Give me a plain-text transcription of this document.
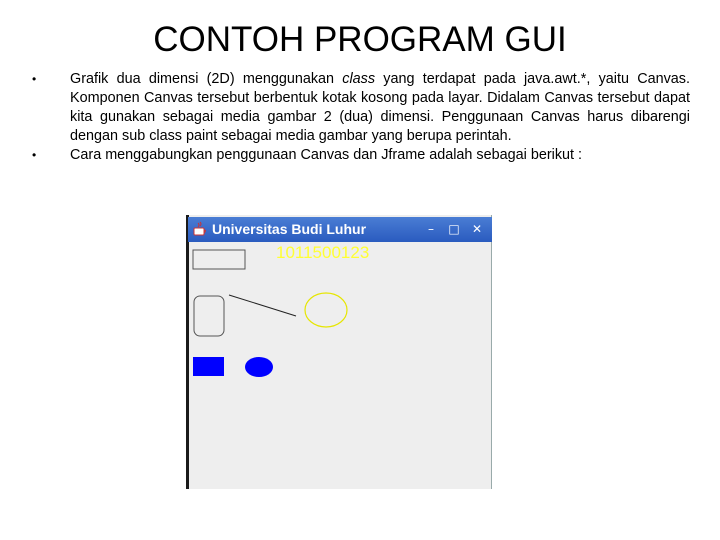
CONTOH PROGRAM GUI
• Grafik dua dimensi (2D) menggunakan class yang terdapat pada java.awt.*, yaitu Canvas. Komponen Canvas tersebut berbentuk kotak kosong pada layar. Didalam Canvas tersebut dapat kita gunakan sebagai media gambar 2 (dua) dimensi. Penggunaan Canvas harus dibarengi dengan sub class paint sebagai media gambar yang berupa perintah.
• Cara menggabungkan penggunaan Canvas dan Jframe adalah sebagai berikut :
Universitas Budi Luhur	–	□ ✕
1011500123
